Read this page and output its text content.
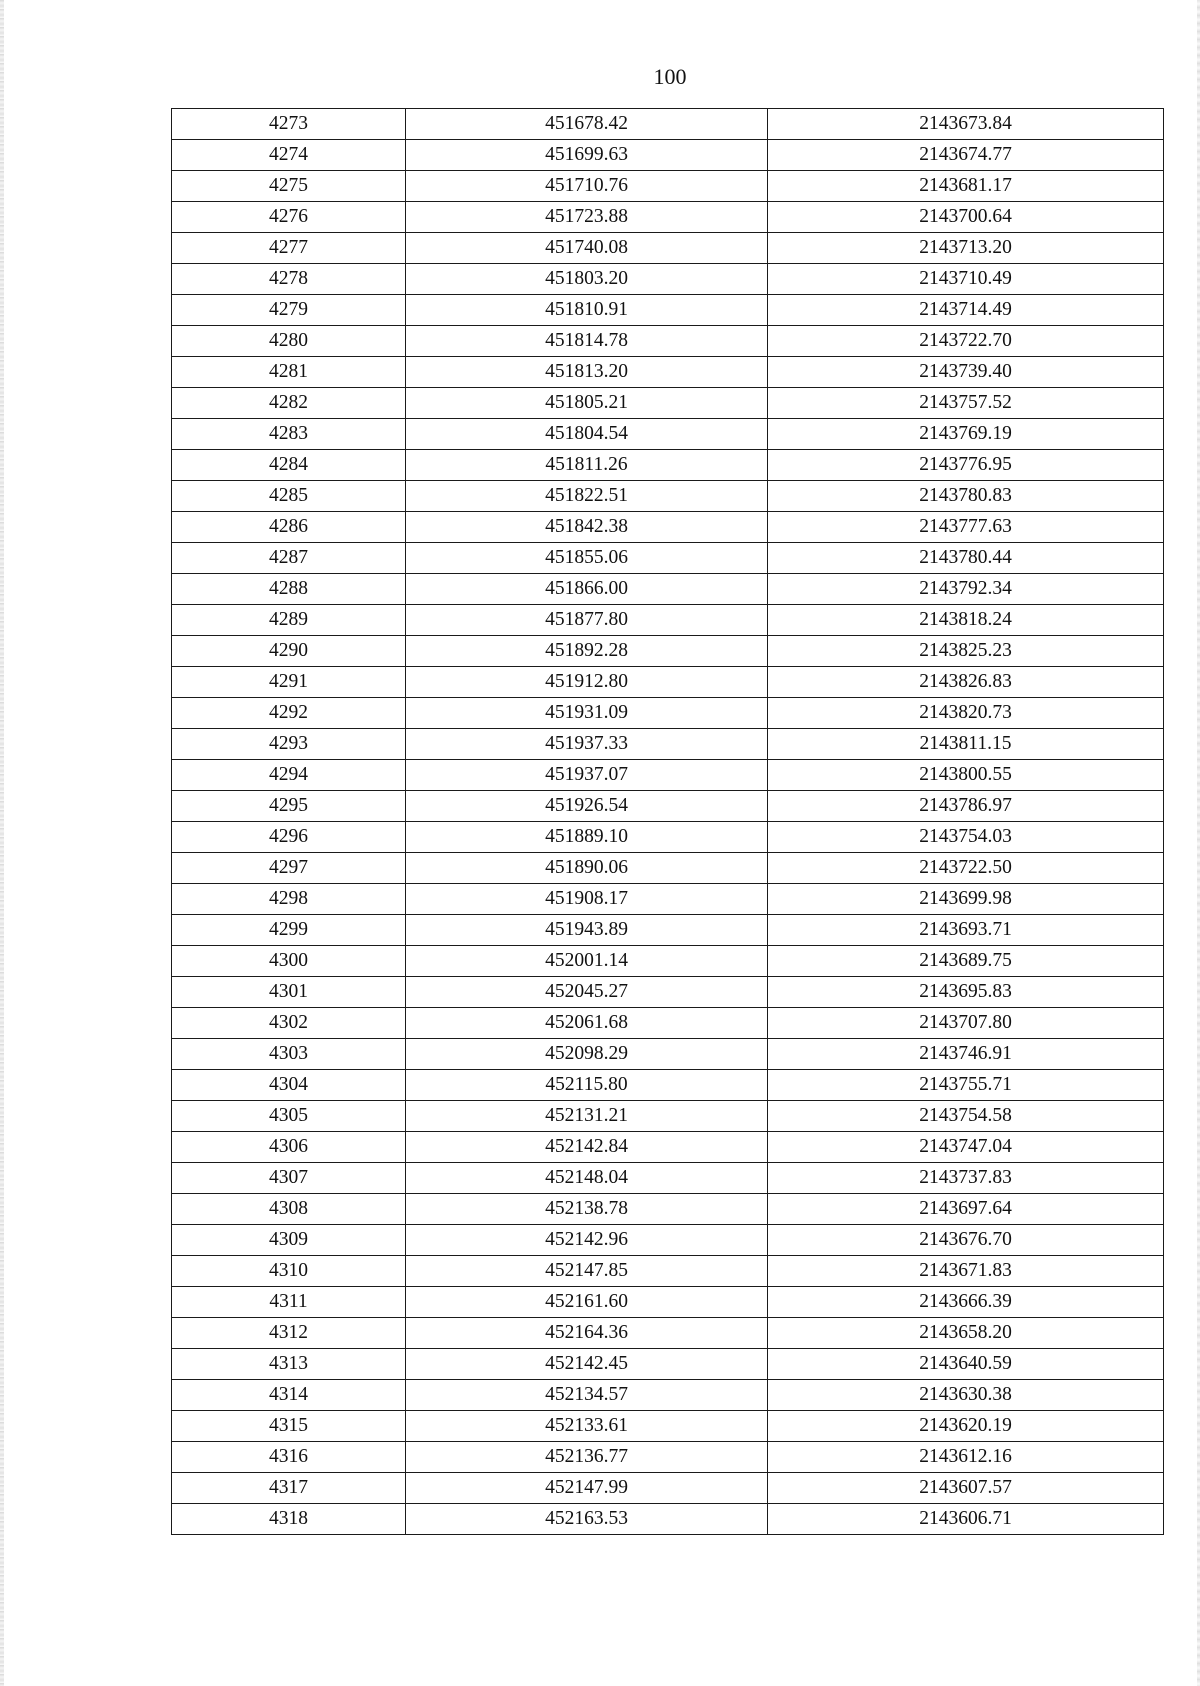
100
4273	451678.42	2143673.84
4274	451699.63	2143674.77
4275	451710.76	2143681.17
4276	451723.88	2143700.64
4277	451740.08	2143713.20
4278	451803.20	2143710.49
4279	451810.91	2143714.49
4280	451814.78	2143722.70
4281	451813.20	2143739.40
4282	451805.21	2143757.52
4283	451804.54	2143769.19
4284	451811.26	2143776.95
4285	451822.51	2143780.83
4286	451842.38	2143777.63
4287	451855.06	2143780.44
4288	451866.00	2143792.34
4289	451877.80	2143818.24
4290	451892.28	2143825.23
4291	451912.80	2143826.83
4292	451931.09	2143820.73
4293	451937.33	2143811.15
4294	451937.07	2143800.55
4295	451926.54	2143786.97
4296	451889.10	2143754.03
4297	451890.06	2143722.50
4298	451908.17	2143699.98
4299	451943.89	2143693.71
4300	452001.14	2143689.75
4301	452045.27	2143695.83
4302	452061.68	2143707.80
4303	452098.29	2143746.91
4304	452115.80	2143755.71
4305	452131.21	2143754.58
4306	452142.84	2143747.04
4307	452148.04	2143737.83
4308	452138.78	2143697.64
4309	452142.96	2143676.70
4310	452147.85	2143671.83
4311	452161.60	2143666.39
4312	452164.36	2143658.20
4313	452142.45	2143640.59
4314	452134.57	2143630.38
4315	452133.61	2143620.19
4316	452136.77	2143612.16
4317	452147.99	2143607.57
4318	452163.53	2143606.71
